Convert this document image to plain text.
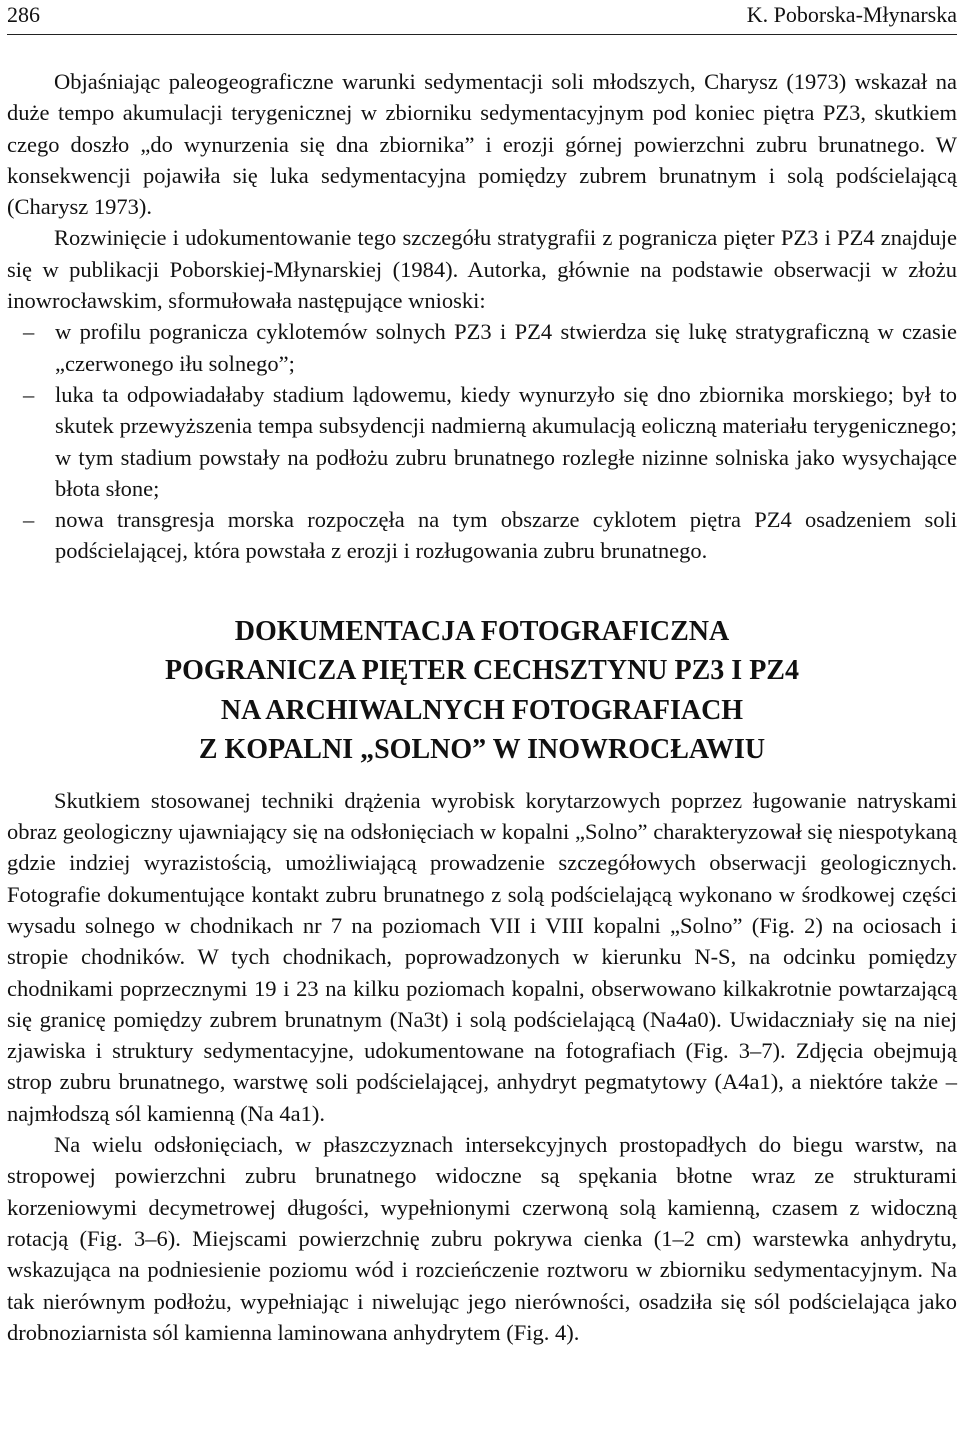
286	K. Poborska-Młynarska

Objaśniając paleogeograficzne warunki sedymentacji soli młodszych, Charysz (1973) wskazał na duże tempo akumulacji terygenicznej w zbiorniku sedymentacyjnym pod koniec piętra PZ3, skutkiem czego doszło „do wynurzenia się dna zbiornika” i erozji górnej powierzchni zubru brunatnego. W konsekwencji pojawiła się luka sedymentacyjna pomiędzy zubrem brunatnym i solą podścielającą (Charysz 1973).

Rozwinięcie i udokumentowanie tego szczegółu stratygrafii z pogranicza pięter PZ3 i PZ4 znajduje się w publikacji Poborskiej-Młynarskiej (1984). Autorka, głównie na podstawie obserwacji w złożu inowrocławskim, sformułowała następujące wnioski:

– w profilu pogranicza cyklotemów solnych PZ3 i PZ4 stwierdza się lukę stratygraficzną w czasie „czerwonego iłu solnego”;
– luka ta odpowiadałaby stadium lądowemu, kiedy wynurzyło się dno zbiornika morskiego; był to skutek przewyższenia tempa subsydencji nadmierną akumulacją eoliczną materiału terygenicznego; w tym stadium powstały na podłożu zubru brunatnego rozległe nizinne solniska jako wysychające błota słone;
– nowa transgresja morska rozpoczęła na tym obszarze cyklotem piętra PZ4 osadzeniem soli podścielającej, która powstała z erozji i rozługowania zubru brunatnego.
DOKUMENTACJA FOTOGRAFICZNA
POGRANICZA PIĘTER CECHSZTYNU PZ3 I PZ4
NA ARCHIWALNYCH FOTOGRAFIACH
Z KOPALNI „SOLNO” W INOWROCŁAWIU

Skutkiem stosowanej techniki drążenia wyrobisk korytarzowych poprzez ługowanie natryskami obraz geologiczny ujawniający się na odsłonięciach w kopalni „Solno” charakteryzował się niespotykaną gdzie indziej wyrazistością, umożliwiającą prowadzenie szczegółowych obserwacji geologicznych. Fotografie dokumentujące kontakt zubru brunatnego z solą podścielającą wykonano w środkowej części wysadu solnego w chodnikach nr 7 na poziomach VII i VIII kopalni „Solno” (Fig. 2) na ociosach i stropie chodników. W tych chodnikach, poprowadzonych w kierunku N-S, na odcinku pomiędzy chodnikami poprzecznymi 19 i 23 na kilku poziomach kopalni, obserwowano kilkakrotnie powtarzającą się granicę pomiędzy zubrem brunatnym (Na3t) i solą podścielającą (Na4a0). Uwidaczniały się na niej zjawiska i struktury sedymentacyjne, udokumentowane na fotografiach (Fig. 3–7). Zdjęcia obejmują strop zubru brunatnego, warstwę soli podścielającej, anhydryt pegmatytowy (A4a1), a niektóre także – najmłodszą sól kamienną (Na 4a1).

Na wielu odsłonięciach, w płaszczyznach intersekcyjnych prostopadłych do biegu warstw, na stropowej powierzchni zubru brunatnego widoczne są spękania błotne wraz ze strukturami korzeniowymi decymetrowej długości, wypełnionymi czerwoną solą kamienną, czasem z widoczną rotacją (Fig. 3–6). Miejscami powierzchnię zubru pokrywa cienka (1–2 cm) warstewka anhydrytu, wskazująca na podniesienie poziomu wód i rozcieńczenie roztworu w zbiorniku sedymentacyjnym. Na tak nierównym podłożu, wypełniając i niwelując jego nierówności, osadziła się sól podścielająca jako drobnoziarnista sól kamienna laminowana anhydrytem (Fig. 4).
